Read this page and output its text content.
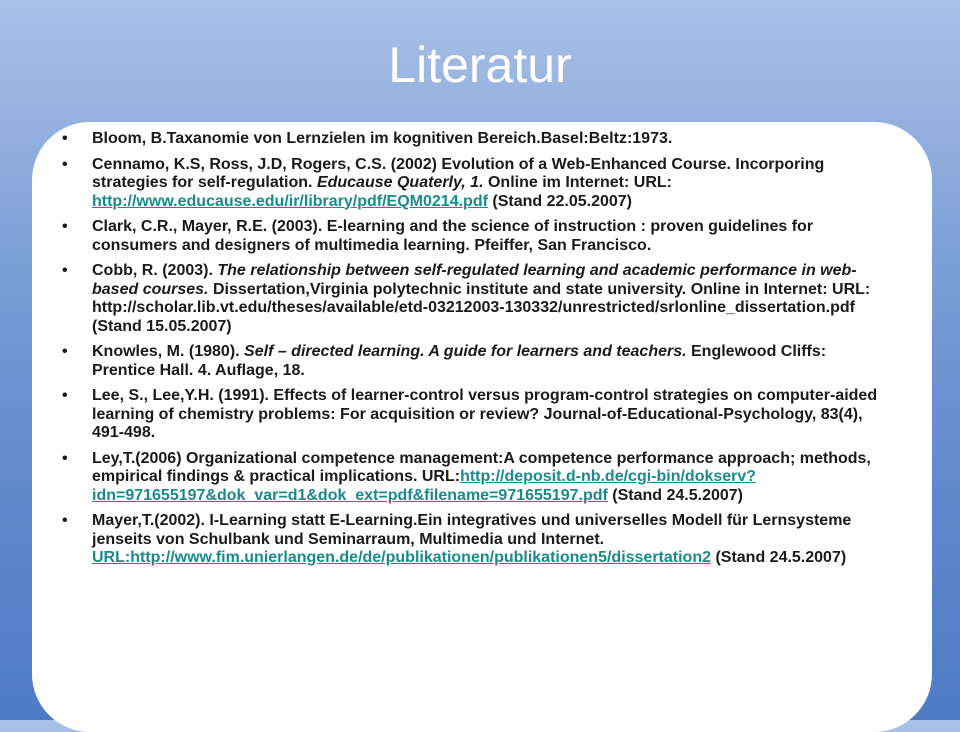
Literatur
• Bloom, B.Taxanomie von Lernzielen im kognitiven Bereich.Basel:Beltz:1973.
• Cennamo, K.S, Ross, J.D, Rogers, C.S. (2002) Evolution of a Web-Enhanced Course. Incorporing strategies for self-regulation. Educause Quaterly, 1. Online im Internet: URL: http://www.educause.edu/ir/library/pdf/EQM0214.pdf (Stand 22.05.2007)
• Clark, C.R., Mayer, R.E. (2003). E-learning and the science of instruction : proven guidelines for consumers and designers of multimedia learning. Pfeiffer, San Francisco.
• Cobb, R. (2003). The relationship between self-regulated learning and academic performance in web-based courses. Dissertation,Virginia polytechnic institute and state university. Online in Internet: URL: http://scholar.lib.vt.edu/theses/available/etd-03212003-130332/unrestricted/srlonline_dissertation.pdf (Stand 15.05.2007)
• Knowles, M. (1980). Self – directed learning. A guide for learners and teachers. Englewood Cliffs: Prentice Hall. 4. Auflage, 18.
• Lee, S., Lee,Y.H. (1991). Effects of learner-control versus program-control strategies on computer-aided learning of chemistry problems: For acquisition or review? Journal-of-Educational-Psychology, 83(4), 491-498.
• Ley,T.(2006) Organizational competence management:A competence performance approach; methods, empirical findings & practical implications. URL:http://deposit.d-nb.de/cgi-bin/dokserv?idn=971655197&dok_var=d1&dok_ext=pdf&filename=971655197.pdf (Stand 24.5.2007)
• Mayer,T.(2002). I-Learning statt E-Learning.Ein integratives und universelles Modell für Lernsysteme jenseits von Schulbank und Seminarraum, Multimedia und Internet. URL:http://www.fim.unierlangen.de/de/publikationen/publikationen5/dissertation2 (Stand 24.5.2007)
